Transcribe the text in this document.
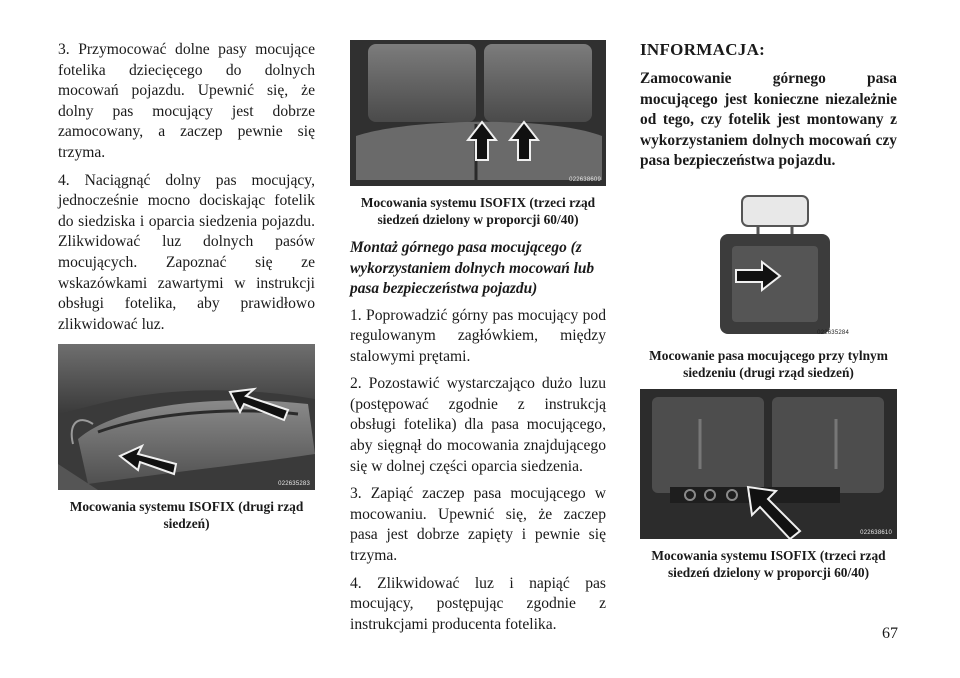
3. Przymocować dolne pasy mocujące fotelika dziecięcego do dolnych mocowań pojazdu. Upewnić się, że dolny pas mocujący jest dobrze zamocowany, a zaczep pewnie się trzyma.

4. Naciągnąć dolny pas mocujący, jednocześnie mocno dociskając fotelik do siedziska i oparcia siedzenia pojazdu. Zlikwidować luz dolnych pasów mocujących. Zapoznać się ze wskazówkami zawartymi w instrukcji obsługi fotelika, aby prawidłowo zlikwidować luz.

022635283

Mocowania systemu ISOFIX (drugi rząd siedzeń)

022638609

Mocowania systemu ISOFIX (trzeci rząd siedzeń dzielony w proporcji 60/40)

Montaż górnego pasa mocującego (z wykorzystaniem dolnych mocowań lub pasa bezpieczeństwa pojazdu)

1. Poprowadzić górny pas mocujący pod regulowanym zagłówkiem, między stalowymi prętami.

2. Pozostawić wystarczająco dużo luzu (postępować zgodnie z instrukcją obsługi fotelika) dla pasa mocującego, aby sięgnął do mocowania znajdującego się w dolnej części oparcia siedzenia.

3. Zapiąć zaczep pasa mocującego w mocowaniu. Upewnić się, że zaczep pasa jest dobrze zapięty i pewnie się trzyma.

4. Zlikwidować luz i napiąć pas mocujący, postępując zgodnie z instrukcjami producenta fotelika.

INFORMACJA:

Zamocowanie górnego pasa mocującego jest konieczne niezależnie od tego, czy fotelik jest montowany z wykorzystaniem dolnych mocowań czy pasa bezpieczeństwa pojazdu.

022635284

Mocowanie pasa mocującego przy tylnym siedzeniu (drugi rząd siedzeń)

022638610

Mocowania systemu ISOFIX (trzeci rząd siedzeń dzielony w proporcji 60/40)

67
